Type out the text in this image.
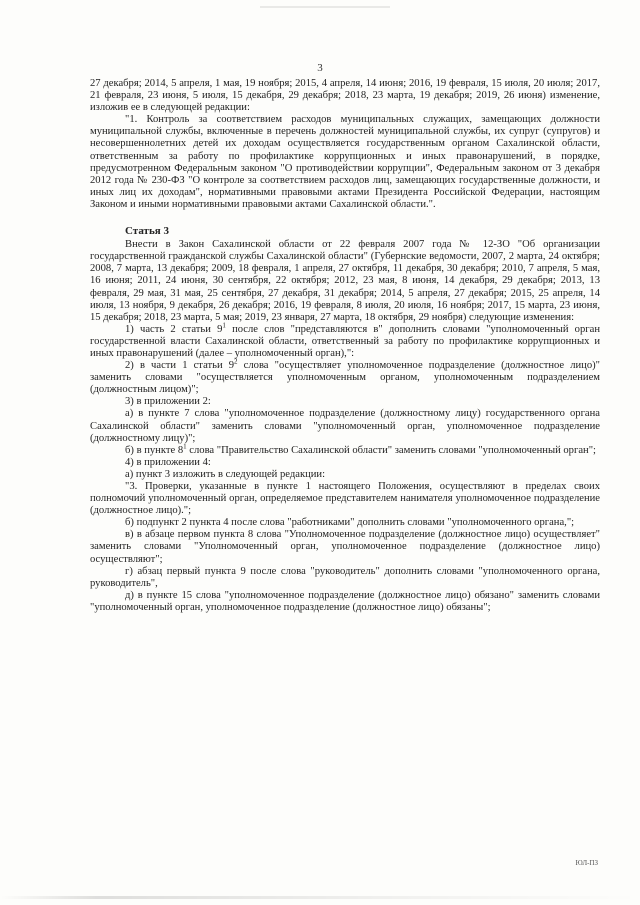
3

27 декабря; 2014, 5 апреля, 1 мая, 19 ноября; 2015, 4 апреля, 14 июня; 2016, 19 февраля, 15 июля, 20 июля; 2017, 21 февраля, 23 июня, 5 июля, 15 декабря, 29 декабря; 2018, 23 марта, 19 декабря; 2019, 26 июня) изменение, изложив ее в следующей редакции:

"1. Контроль за соответствием расходов муниципальных служащих, замещающих должности муниципальной службы, включенные в перечень должностей муниципальной службы, их супруг (супругов) и несовершеннолетних детей их доходам осуществляется государственным органом Сахалинской области, ответственным за работу по профилактике коррупционных и иных правонарушений, в порядке, предусмотренном Федеральным законом "О противодействии коррупции", Федеральным законом от 3 декабря 2012 года № 230-ФЗ "О контроле за соответствием расходов лиц, замещающих государственные должности, и иных лиц их доходам", нормативными правовыми актами Президента Российской Федерации, настоящим Законом и иными нормативными правовыми актами Сахалинской области.".

Статья 3

Внести в Закон Сахалинской области от 22 февраля 2007 года № 12-ЗО "Об организации государственной гражданской службы Сахалинской области" (Губернские ведомости, 2007, 2 марта, 24 октября; 2008, 7 марта, 13 декабря; 2009, 18 февраля, 1 апреля, 27 октября, 11 декабря, 30 декабря; 2010, 7 апреля, 5 мая, 16 июня; 2011, 24 июня, 30 сентября, 22 октября; 2012, 23 мая, 8 июня, 14 декабря, 29 декабря; 2013, 13 февраля, 29 мая, 31 мая, 25 сентября, 27 декабря, 31 декабря; 2014, 5 апреля, 27 декабря; 2015, 25 апреля, 14 июля, 13 ноября, 9 декабря, 26 декабря; 2016, 19 февраля, 8 июля, 20 июля, 16 ноября; 2017, 15 марта, 23 июня, 15 декабря; 2018, 23 марта, 5 мая; 2019, 23 января, 27 марта, 18 октября, 29 ноября) следующие изменения:

1) часть 2 статьи $9^1$ после слов "представляются в" дополнить словами "уполномоченный орган государственной власти Сахалинской области, ответственный за работу по профилактике коррупционных и иных правонарушений (далее – уполномоченный орган),":

2) в части 1 статьи $9^2$ слова "осуществляет уполномоченное подразделение (должностное лицо)" заменить словами "осуществляется уполномоченным органом, уполномоченным подразделением (должностным лицом)";

3) в приложении 2:

а) в пункте 7 слова "уполномоченное подразделение (должностному лицу) государственного органа Сахалинской области" заменить словами "уполномоченный орган, уполномоченное подразделение (должностному лицу)";

б) в пункте $8^1$ слова "Правительство Сахалинской области" заменить словами "уполномоченный орган";

4) в приложении 4:

а) пункт 3 изложить в следующей редакции:

"3. Проверки, указанные в пункте 1 настоящего Положения, осуществляют в пределах своих полномочий уполномоченный орган, определяемое представителем нанимателя уполномоченное подразделение (должностное лицо).";

б) подпункт 2 пункта 4 после слова "работниками" дополнить словами "уполномоченного органа,";

в) в абзаце первом пункта 8 слова "Уполномоченное подразделение (должностное лицо) осуществляет" заменить словами "Уполномоченный орган, уполномоченное подразделение (должностное лицо) осуществляют";

г) абзац первый пункта 9 после слова "руководитель" дополнить словами "уполномоченного органа, руководитель",

д) в пункте 15 слова "уполномоченное подразделение (должностное лицо) обязано" заменить словами "уполномоченный орган, уполномоченное подразделение (должностное лицо) обязаны";

ЮЛ-ПЗ
